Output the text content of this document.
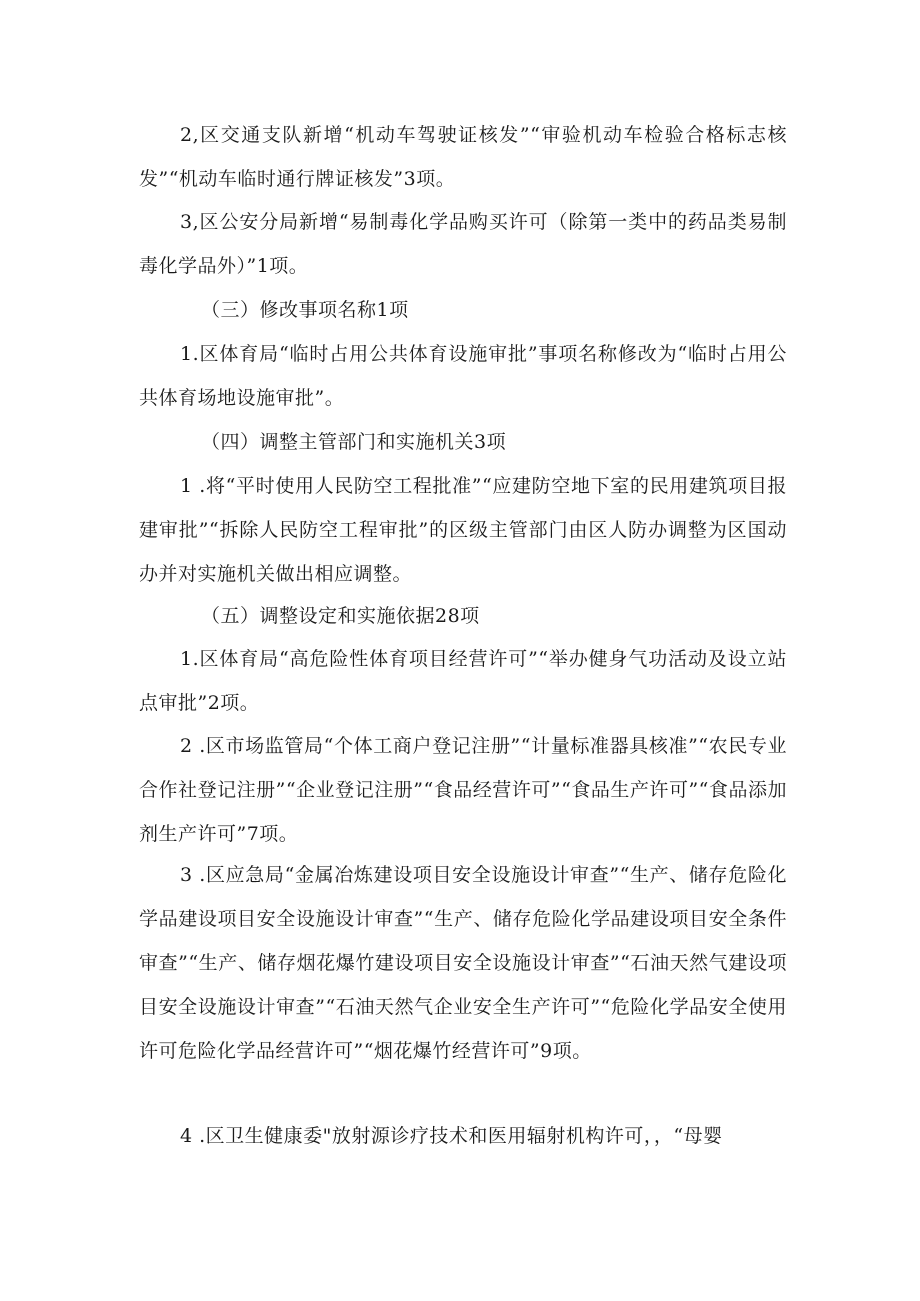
2,区交通支队新增“机动车驾驶证核发”“审验机动车检验合格标志核发”“机动车临时通行牌证核发”3项。

3,区公安分局新增“易制毒化学品购买许可（除第一类中的药品类易制毒化学品外）”1项。

（三）修改事项名称1项

1.区体育局“临时占用公共体育设施审批”事项名称修改为“临时占用公共体育场地设施审批”。

（四）调整主管部门和实施机关3项

1 .将“平时使用人民防空工程批准”“应建防空地下室的民用建筑项目报建审批”“拆除人民防空工程审批”的区级主管部门由区人防办调整为区国动办并对实施机关做出相应调整。

（五）调整设定和实施依据28项

1.区体育局“高危险性体育项目经营许可”“举办健身气功活动及设立站点审批”2项。

2 .区市场监管局“个体工商户登记注册”“计量标准器具核准”“农民专业合作社登记注册”“企业登记注册”“食品经营许可”“食品生产许可”“食品添加剂生产许可”7项。

3 .区应急局“金属冶炼建设项目安全设施设计审查”“生产、储存危险化学品建设项目安全设施设计审查”“生产、储存危险化学品建设项目安全条件审查”“生产、储存烟花爆竹建设项目安全设施设计审查”“石油天然气建设项目安全设施设计审查”“石油天然气企业安全生产许可”“危险化学品安全使用许可危险化学品经营许可”“烟花爆竹经营许可”9项。

4 .区卫生健康委"放射源诊疗技术和医用辐射机构许可，，“母婴
